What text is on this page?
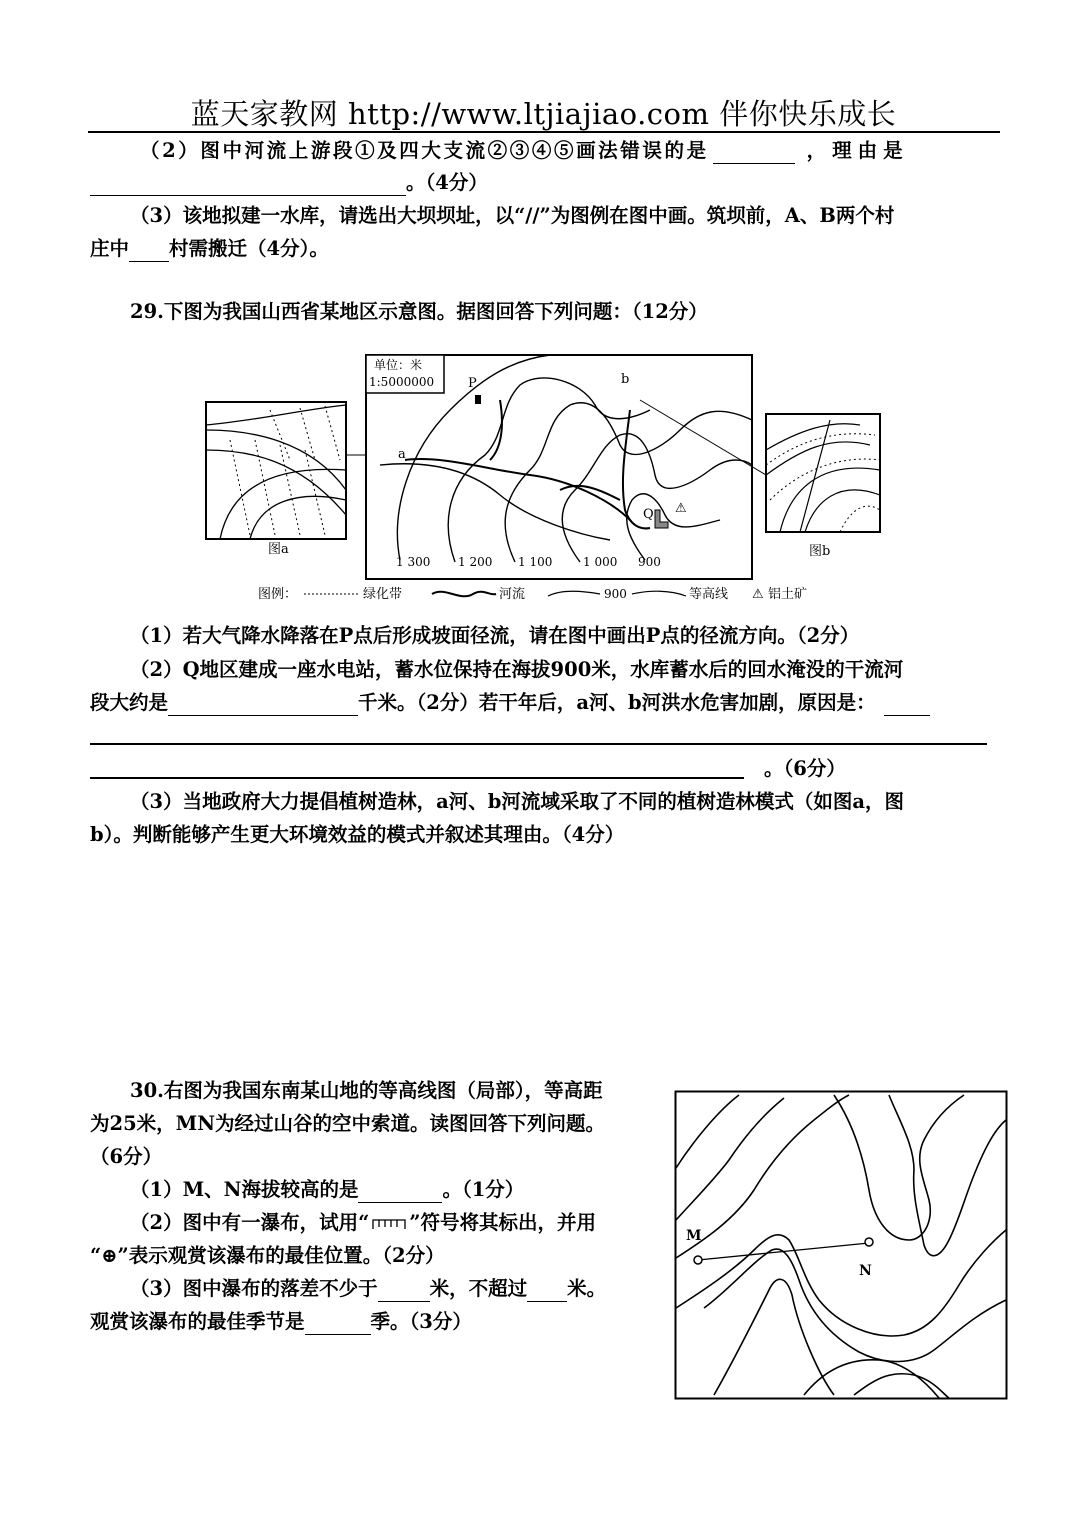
蓝天家教网 http://www.ltjiajiao.com 伴你快乐成长
（2）图中河流上游段①及四大支流②③④⑤画法错误的是	，理由是
。（4分）
（3）该地拟建一水库，请选出大坝坝址，以“//”为图例在图中画。筑坝前，A、B两个村
庄中 村需搬迁（4分）。
29.下图为我国山西省某地区示意图。据图回答下列问题：（12分）
单位：米
1:5000000	P
a
b
Q ⚠
1 300 1 200 1 100	1 000 900
图a	图b
图例：	绿化带	河流	900	等高线 ⚠ 铝土矿
（1）若大气降水降落在P点后形成坡面径流，请在图中画出P点的径流方向。（2分）
（2）Q地区建成一座水电站，蓄水位保持在海拔900米，水库蓄水后的回水淹没的干流河
段大约是	千米。（2分）若干年后，a河、b河洪水危害加剧，原因是：
。（6分）
（3）当地政府大力提倡植树造林，a河、b河流域采取了不同的植树造林模式（如图a，图
b）。判断能够产生更大环境效益的模式并叙述其理由。（4分）
30.右图为我国东南某山地的等高线图（局部），等高距
为25米，MN为经过山谷的空中索道。读图回答下列问题。
（6分）
（1）M、N海拔较高的是	。（1分）
（2）图中有一瀑布，试用“ ”符号将其标出，并用
“⊕”表示观赏该瀑布的最佳位置。（2分）
（3）图中瀑布的落差不少于	米，不超过 米。
观赏该瀑布的最佳季节是	季。（3分）
M
N
